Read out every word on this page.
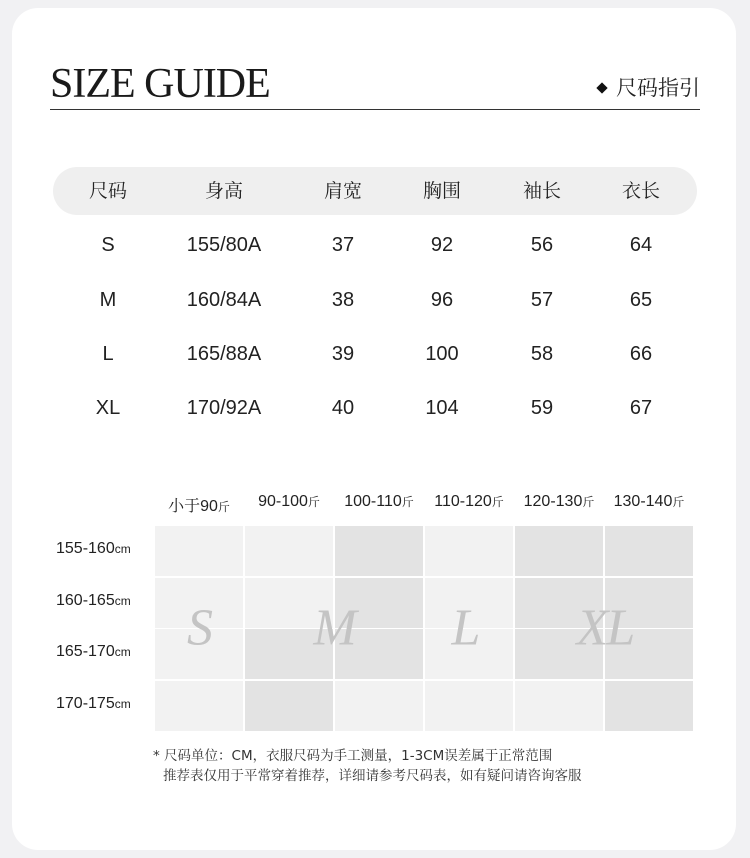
SIZE GUIDE	尺码指引
尺码	身高	肩宽	胸围	袖长	衣长
S	155/80A	37	92	56	64
M	160/84A	38	96	57	65
L	165/88A	39	100	58	66
XL	170/92A	40	104	59	67
小于90斤 90-100斤 100-110斤 110-120斤 120-130斤 130-140斤
155-160cm
160-165cm
165-170cm
170-175cm
S M L XL
* 尺码单位：CM，衣服尺码为手工测量，1-3CM误差属于正常范围
推荐表仅用于平常穿着推荐，详细请参考尺码表，如有疑问请咨询客服
